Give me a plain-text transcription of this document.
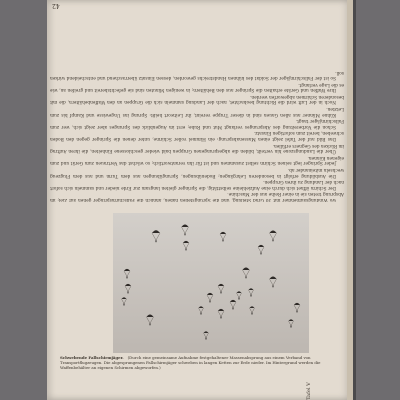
42

wo Windungsaufnehmer mit 30 Grad Stellung, und die Sprungstellen haben, ähnlich die Fallschirmspringer gehen auf Ziel; im Absprung treten sie in einer Reihe aus der Maschine.

Der Schirm öffnet sich durch eine Aufziehleine selbsttätig, die Springer gleiten langsam zur Erde nieder und sammeln sich sofort nach der Landung zu ihren Gruppen.

Die Ausbildung erfolgt in besonderen Lehrgängen; Bodenübungen, Sprungübungen aus dem Turm und aus dem Flugzeug wechseln miteinander ab.

Jeder Springer legt seinen Schirm selbst zusammen und ist für ihn verantwortlich; so wächst das Vertrauen zum Gerät und zum eigenen Können.

Über die Landungszone hin verteilt, bilden die abgesprungenen Gruppen bald wieder geschlossene Einheiten, die ihren Auftrag im Rücken des Gegners erfüllen.

Das Bild auf der Tafel zeigt einen Massenabsprung: ein Himmel voller Schirme, unter denen die Springer gegen den Boden schweben, bereit zum sofortigen Einsatz.

Schon die Vorbereitung des Absprunges verlangt Mut und Ruhe; erst im Augenblick des Sprunges aber zeigt sich, wer zum Fallschirmjäger taugt.

Kühne Männer aus allen Gauen sind in dieser Truppe vereint, ihr Leitwort heißt: Sprung ins Ungewisse und Kampf bis zum Letzten.

Noch in der Luft wird die Richtung beobachtet, nach der Landung sammeln sich die Gruppen an den Waffenbehältern, die mit besonderen Schirmen abgeworfen werden.

Ihre Waffen und Geräte erhalten die Springer aus den Behältern; in wenigen Minuten sind sie gefechtsbereit und greifen an, wie es die Lage verlangt.

So ist der Fallschirmjäger der Soldat des kühnen Handstreichs geworden, dessen Einsatz überraschend und entscheidend wirken soll.

Schwebende Fallschirmjäger. (Durch eine gemeinsame Aufnahme festgehaltener Massenabsprung aus einem Verband von Transportflugzeugen. Die abgesprungenen Fallschirmjäger schweben in langen Ketten zur Erde nieder. Im Hintergrund werden die Waffenbehälter an eigenen Schirmen abgeworfen.)
Tafel V
